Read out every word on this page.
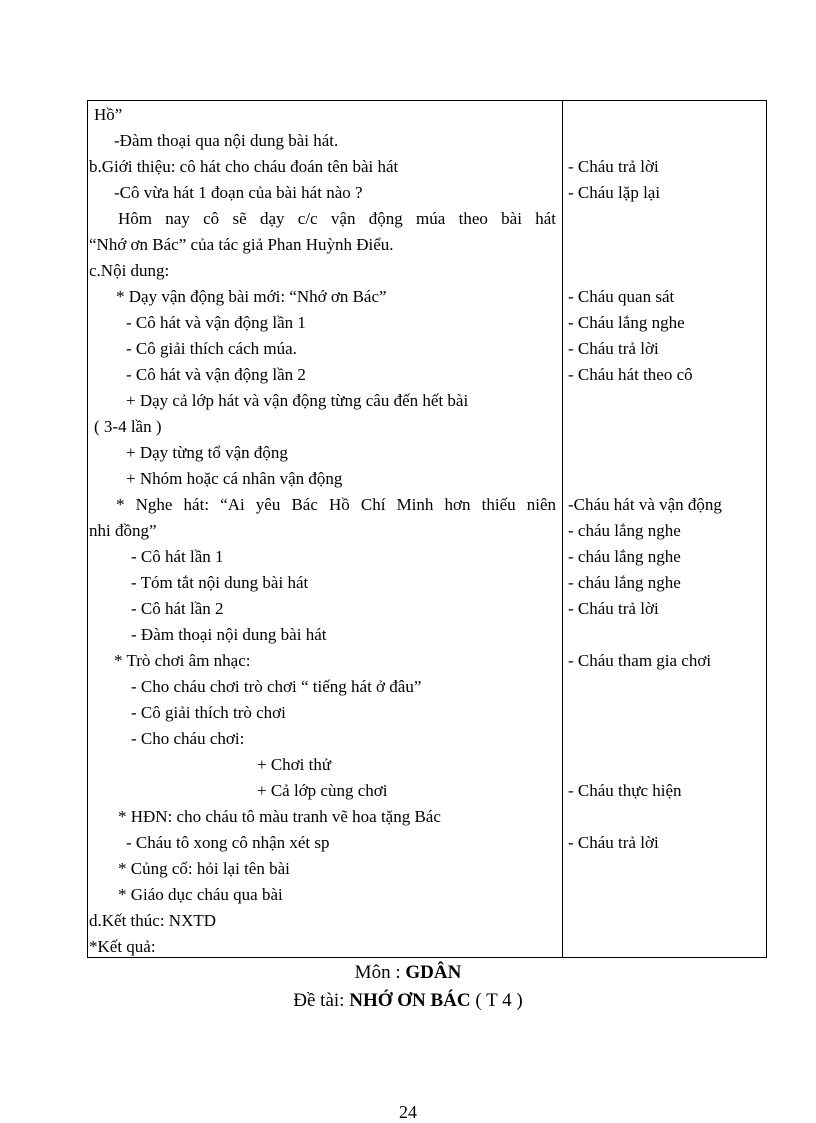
Hồ”
-Đàm thoại qua nội dung bài hát.
b.Giới thiệu: cô hát cho cháu đoán tên bài hát
-Cô vừa hát 1 đoạn của bài hát nào ?
Hôm nay cô sẽ dạy c/c vận động múa theo bài hát
“Nhớ ơn Bác” của tác giả Phan Huỳnh Điểu.
c.Nội dung:
* Dạy vận động bài mới: “Nhớ ơn Bác”
- Cô hát và vận động lần 1
- Cô giải thích cách múa.
- Cô hát và vận động lần 2
+ Dạy cả lớp hát và vận động từng câu đến hết bài
( 3-4 lần )
+ Dạy từng tổ vận động
+ Nhóm hoặc cá nhân vận động
* Nghe hát: “Ai yêu Bác Hồ Chí Minh hơn thiếu niên
nhi đồng”
- Cô hát lần 1
- Tóm tắt nội dung bài hát
- Cô hát lần 2
- Đàm thoại nội dung bài hát
* Trò chơi âm nhạc:
- Cho cháu chơi trò chơi “ tiếng hát ở đâu”
- Cô giải thích trò chơi
- Cho cháu chơi:
+ Chơi thử
+ Cả lớp cùng chơi
* HĐN: cho cháu tô màu tranh vẽ hoa tặng Bác
- Cháu tô xong cô nhận xét sp
* Củng cố: hỏi lại tên bài
* Giáo dục cháu qua bài
d.Kết thúc: NXTD
*Kết quả:
- Cháu trả lời
- Cháu lặp lại
- Cháu quan sát
- Cháu lắng nghe
- Cháu trả lời
- Cháu hát theo cô
-Cháu hát và vận động
- cháu lắng nghe
- cháu lắng nghe
- cháu lắng nghe
- Cháu trả lời
- Cháu tham gia chơi
- Cháu thực hiện
- Cháu trả lời
Môn : GDÂN
Đề tài: NHỚ ƠN BÁC ( T 4 )
24
